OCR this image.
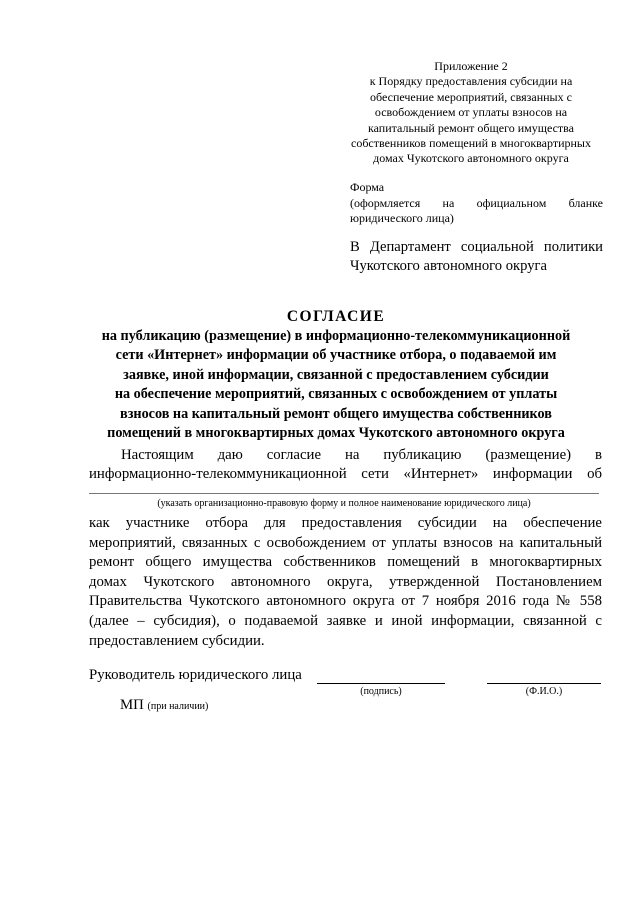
Приложение 2
к Порядку предоставления субсидии на
обеспечение мероприятий, связанных с
освобождением от уплаты взносов на
капитальный ремонт общего имущества
собственников помещений в многоквартирных
домах Чукотского автономного округа
Форма
(оформляется на официальном бланке
юридического лица)
В Департамент социальной политики
Чукотского автономного округа
СОГЛАСИЕ
на публикацию (размещение) в информационно-телекоммуникационной
сети «Интернет» информации об участнике отбора, о подаваемой им
заявке, иной информации, связанной с предоставлением субсидии
на обеспечение мероприятий, связанных с освобождением от уплаты
взносов на капитальный ремонт общего имущества собственников
помещений в многоквартирных домах Чукотского автономного округа
Настоящим даю согласие на публикацию (размещение) в
информационно-телекоммуникационной сети «Интернет» информации об
(указать организационно-правовую форму и полное наименование юридического лица)
как участнике отбора для предоставления субсидии на обеспечение
мероприятий, связанных с освобождением от уплаты взносов на капитальный
ремонт общего имущества собственников помещений в многоквартирных
домах Чукотского автономного округа, утвержденной Постановлением
Правительства Чукотского автономного округа от 7 ноября 2016 года № 558
(далее – субсидия), о подаваемой заявке и иной информации, связанной с
предоставлением субсидии.
Руководитель юридического лица
(подпись)	(Ф.И.О.)
МП (при наличии)
